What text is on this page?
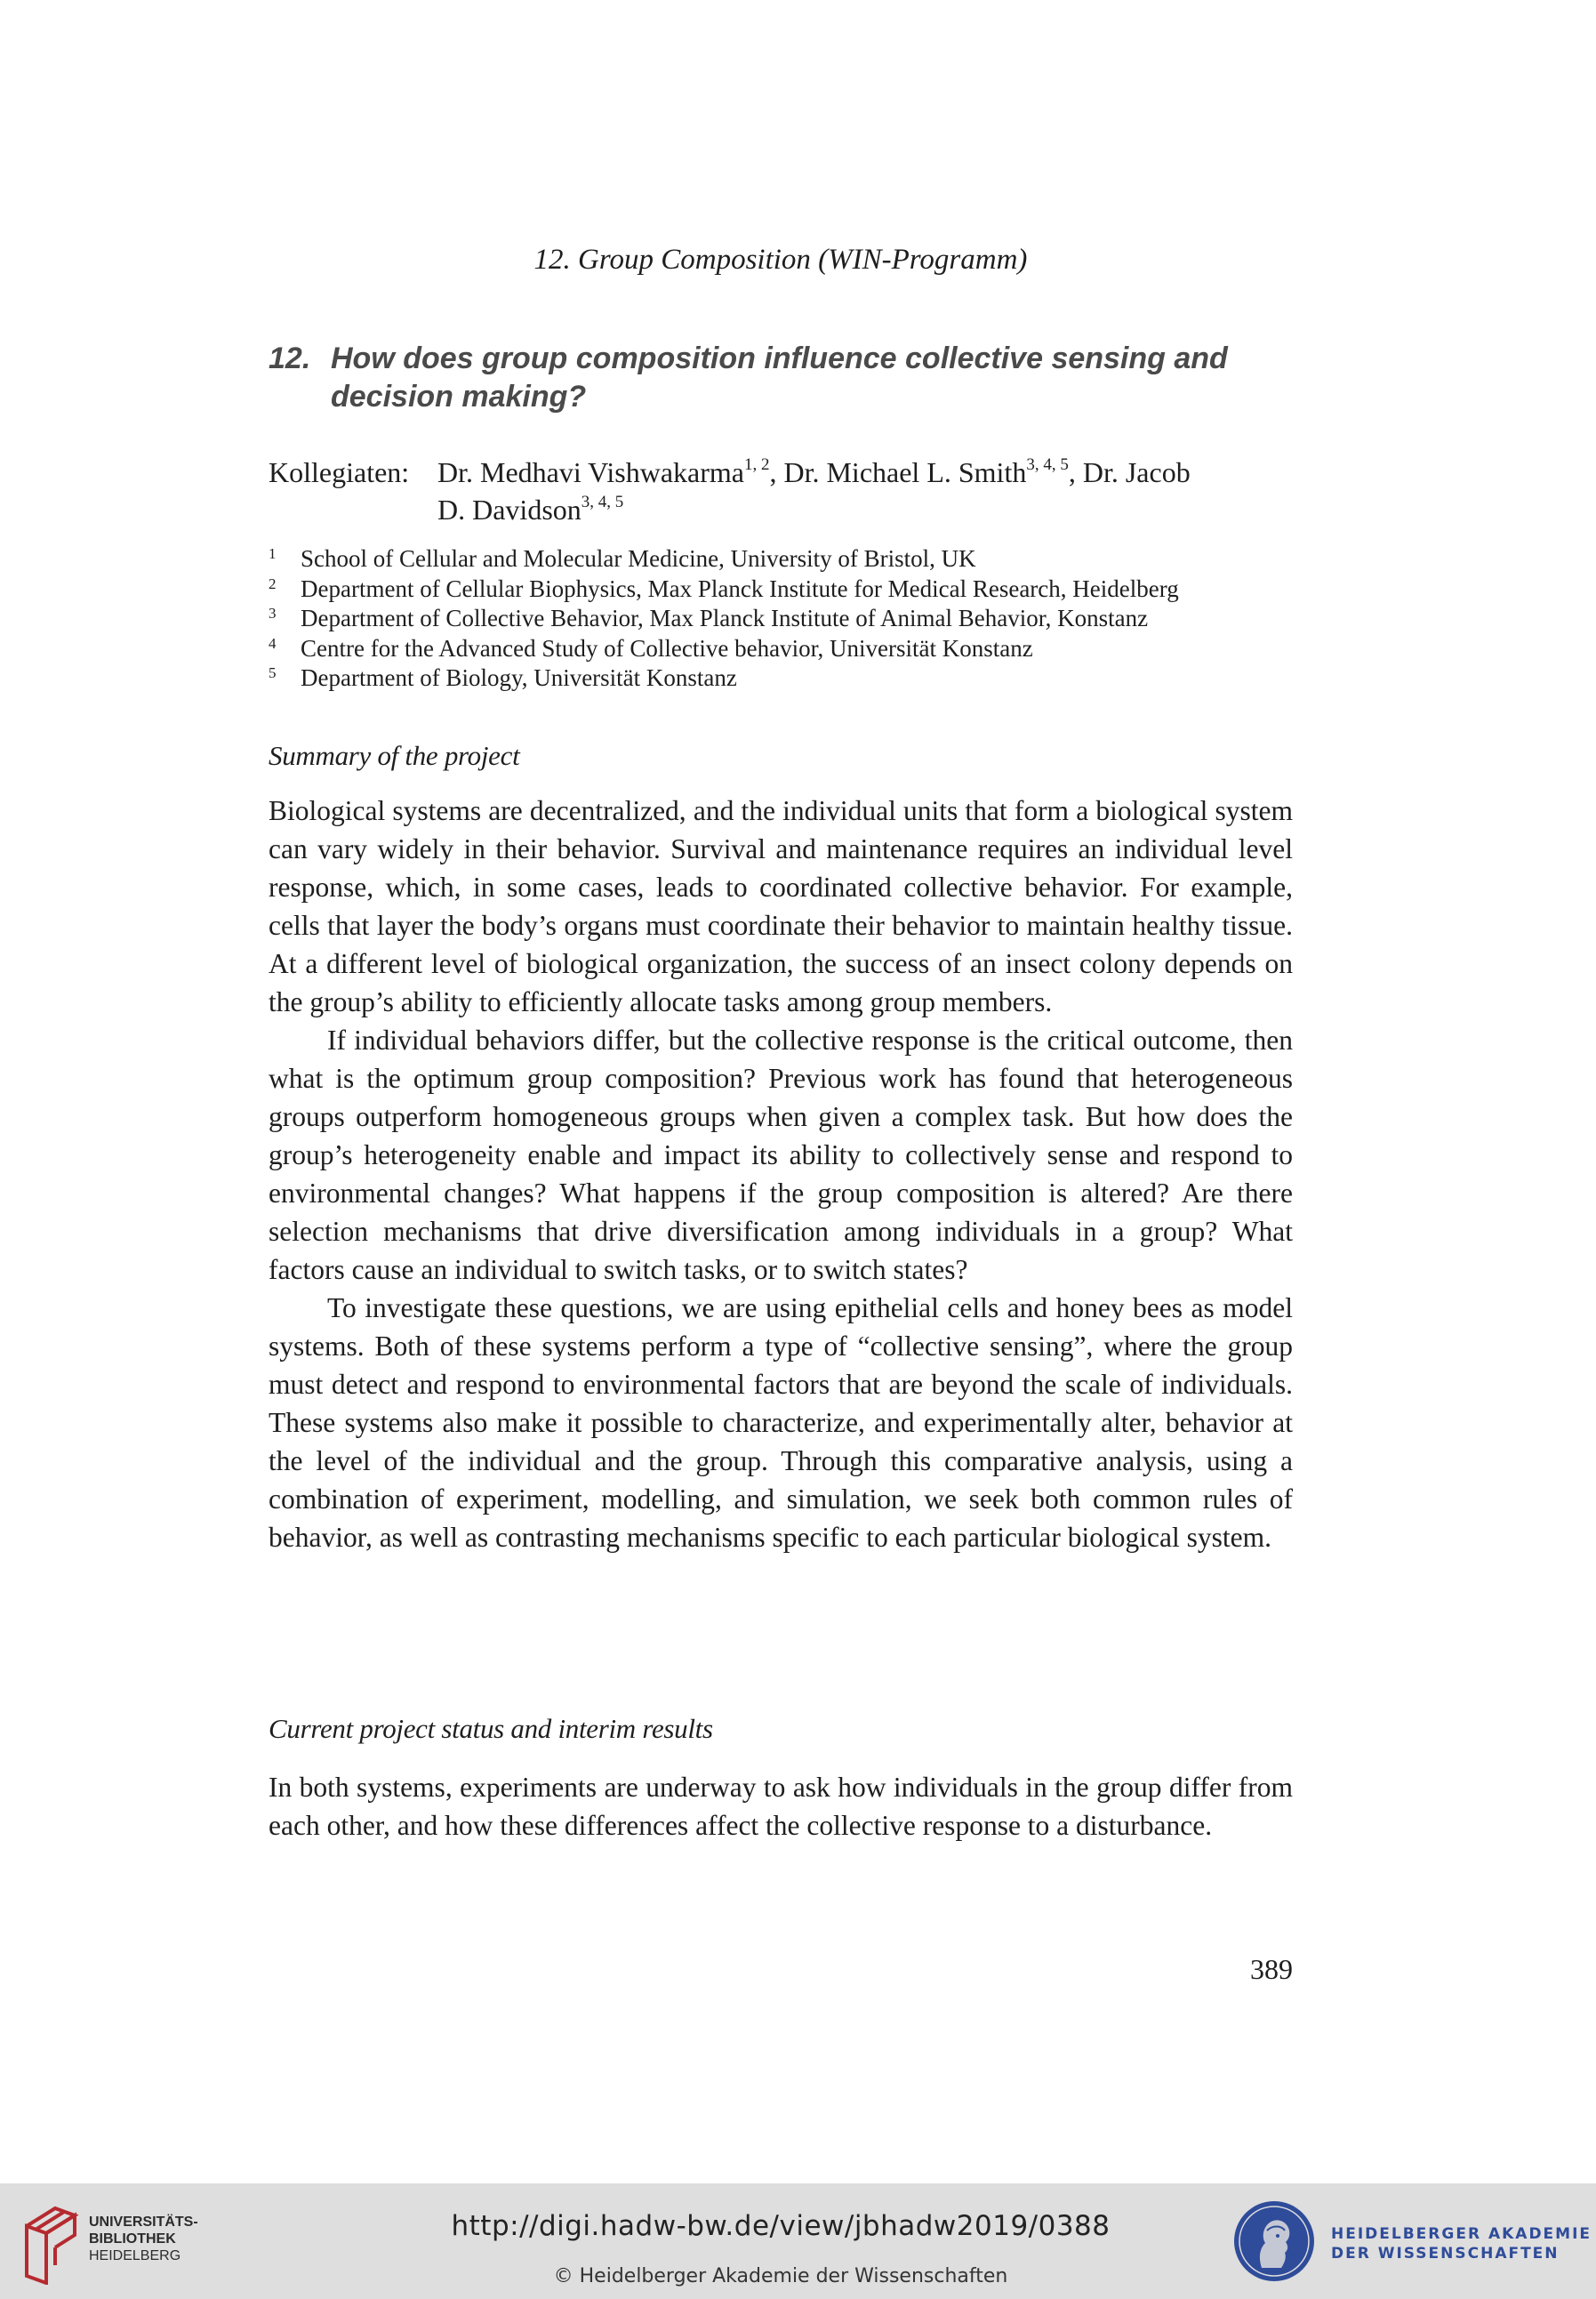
12. Group Composition (WIN-Programm)
12. How does group composition influence collective sensing and decision making?
Kollegiaten: Dr. Medhavi Vishwakarma$^{1, 2}$, Dr. Michael L. Smith$^{3, 4, 5}$, Dr. Jacob
D. Davidson$^{3, 4, 5}$
1 School of Cellular and Molecular Medicine, University of Bristol, UK
2 Department of Cellular Biophysics, Max Planck Institute for Medical Research, Heidelberg
3 Department of Collective Behavior, Max Planck Institute of Animal Behavior, Konstanz
4 Centre for the Advanced Study of Collective behavior, Universität Konstanz
5 Department of Biology, Universität Konstanz
Summary of the project

Biological systems are decentralized, and the individual units that form a biological system can vary widely in their behavior. Survival and maintenance requires an individual level response, which, in some cases, leads to coordinated collective behavior. For example, cells that layer the body’s organs must coordinate their behavior to maintain healthy tissue. At a different level of biological organization, the success of an insect colony depends on the group’s ability to efficiently allocate tasks among group members.

If individual behaviors differ, but the collective response is the critical outcome, then what is the optimum group composition? Previous work has found that heterogeneous groups outperform homogeneous groups when given a complex task. But how does the group’s heterogeneity enable and impact its ability to collectively sense and respond to environmental changes? What happens if the group composition is altered? Are there selection mechanisms that drive diversification among individuals in a group? What factors cause an individual to switch tasks, or to switch states?

To investigate these questions, we are using epithelial cells and honey bees as model systems. Both of these systems perform a type of “collective sensing”, where the group must detect and respond to environmental factors that are beyond the scale of individuals. These systems also make it possible to characterize, and experimentally alter, behavior at the level of the individual and the group. Through this comparative analysis, using a combination of experiment, modelling, and simulation, we seek both common rules of behavior, as well as contrasting mechanisms specific to each particular biological system.

Current project status and interim results

In both systems, experiments are underway to ask how individuals in the group differ from each other, and how these differences affect the collective response to a disturbance.

389
UNIVERSITÄTS-
BIBLIOTHEK
HEIDELBERG
http://digi.hadw-bw.de/view/jbhadw2019/0388
© Heidelberger Akademie der Wissenschaften
HEIDELBERGER AKADEMIE
DER WISSENSCHAFTEN
